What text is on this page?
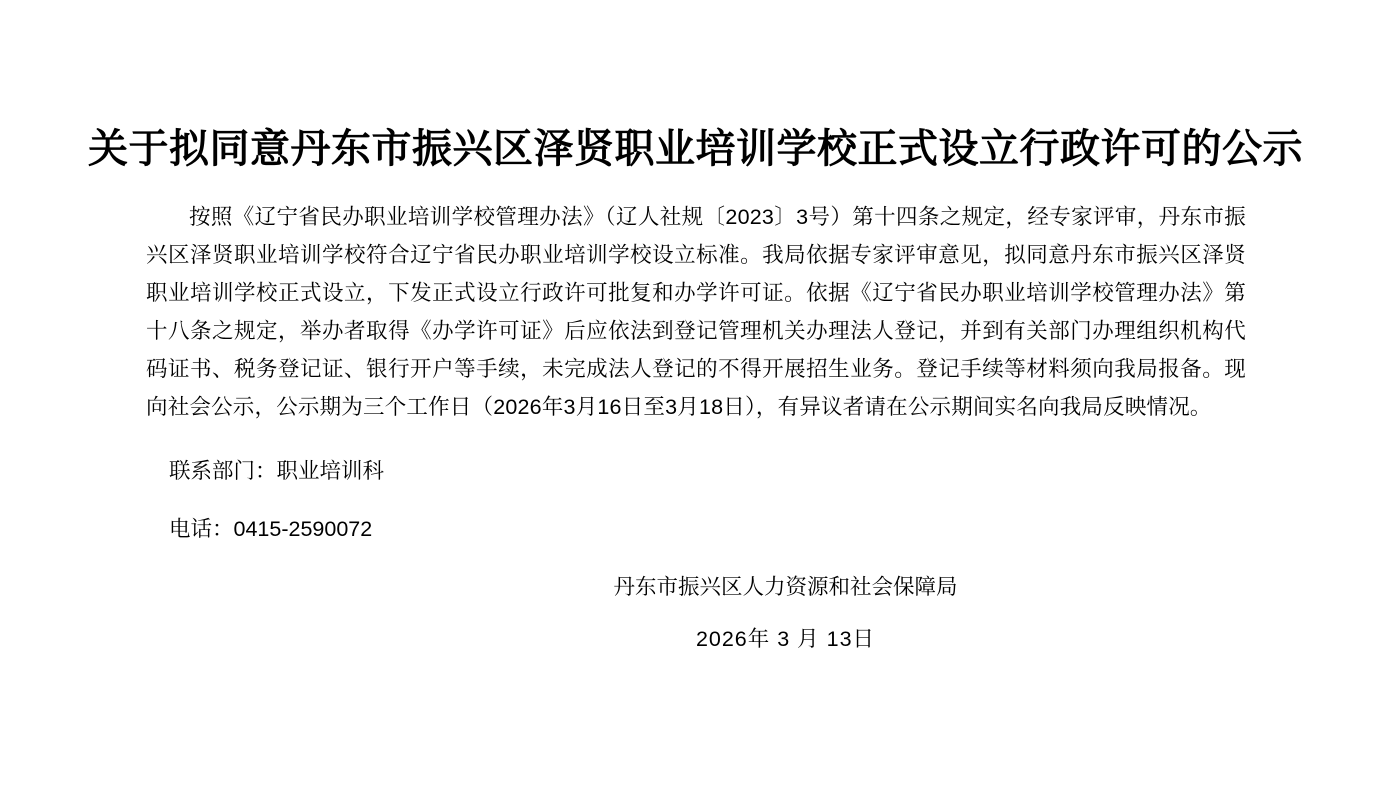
关于拟同意丹东市振兴区泽贤职业培训学校正式设立行政许可的公示

按照《辽宁省民办职业培训学校管理办法》（辽人社规〔2023〕3号）第十四条之规定，经专家评审，丹东市振兴区泽贤职业培训学校符合辽宁省民办职业培训学校设立标准。我局依据专家评审意见，拟同意丹东市振兴区泽贤职业培训学校正式设立，下发正式设立行政许可批复和办学许可证。依据《辽宁省民办职业培训学校管理办法》第十八条之规定，举办者取得《办学许可证》后应依法到登记管理机关办理法人登记，并到有关部门办理组织机构代码证书、税务登记证、银行开户等手续，未完成法人登记的不得开展招生业务。登记手续等材料须向我局报备。现向社会公示，公示期为三个工作日（2026年3月16日至3月18日），有异议者请在公示期间实名向我局反映情况。

联系部门：职业培训科

电话：0415-2590072

丹东市振兴区人力资源和社会保障局

2026年 3 月 13日
